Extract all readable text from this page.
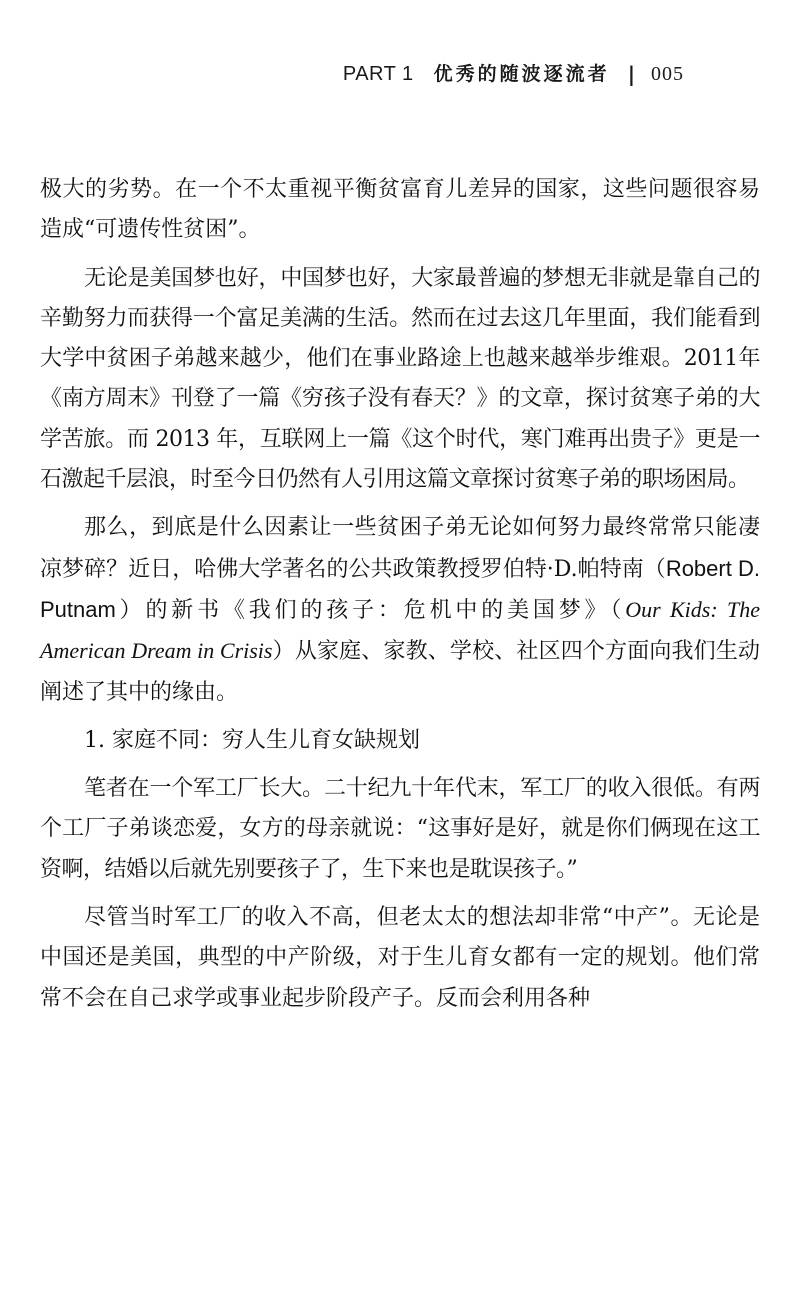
PART 1 优秀的随波逐流者 | 005

极大的劣势。在一个不太重视平衡贫富育儿差异的国家，这些问题很容易造成“可遗传性贫困”。

无论是美国梦也好，中国梦也好，大家最普遍的梦想无非就是靠自己的辛勤努力而获得一个富足美满的生活。然而在过去这几年里面，我们能看到大学中贫困子弟越来越少，他们在事业路途上也越来越举步维艰。2011年《南方周末》刊登了一篇《穷孩子没有春天？》的文章，探讨贫寒子弟的大学苦旅。而 2013 年，互联网上一篇《这个时代，寒门难再出贵子》更是一石激起千层浪，时至今日仍然有人引用这篇文章探讨贫寒子弟的职场困局。

那么，到底是什么因素让一些贫困子弟无论如何努力最终常常只能凄凉梦碎？近日，哈佛大学著名的公共政策教授罗伯特·D.帕特南（Robert D. Putnam）的新书《我们的孩子：危机中的美国梦》（Our Kids: The American Dream in Crisis）从家庭、家教、学校、社区四个方面向我们生动阐述了其中的缘由。

1. 家庭不同：穷人生儿育女缺规划

笔者在一个军工厂长大。二十纪九十年代末，军工厂的收入很低。有两个工厂子弟谈恋爱，女方的母亲就说：“这事好是好，就是你们俩现在这工资啊，结婚以后就先别要孩子了，生下来也是耽误孩子。”

尽管当时军工厂的收入不高，但老太太的想法却非常“中产”。无论是中国还是美国，典型的中产阶级，对于生儿育女都有一定的规划。他们常常不会在自己求学或事业起步阶段产子。反而会利用各种
